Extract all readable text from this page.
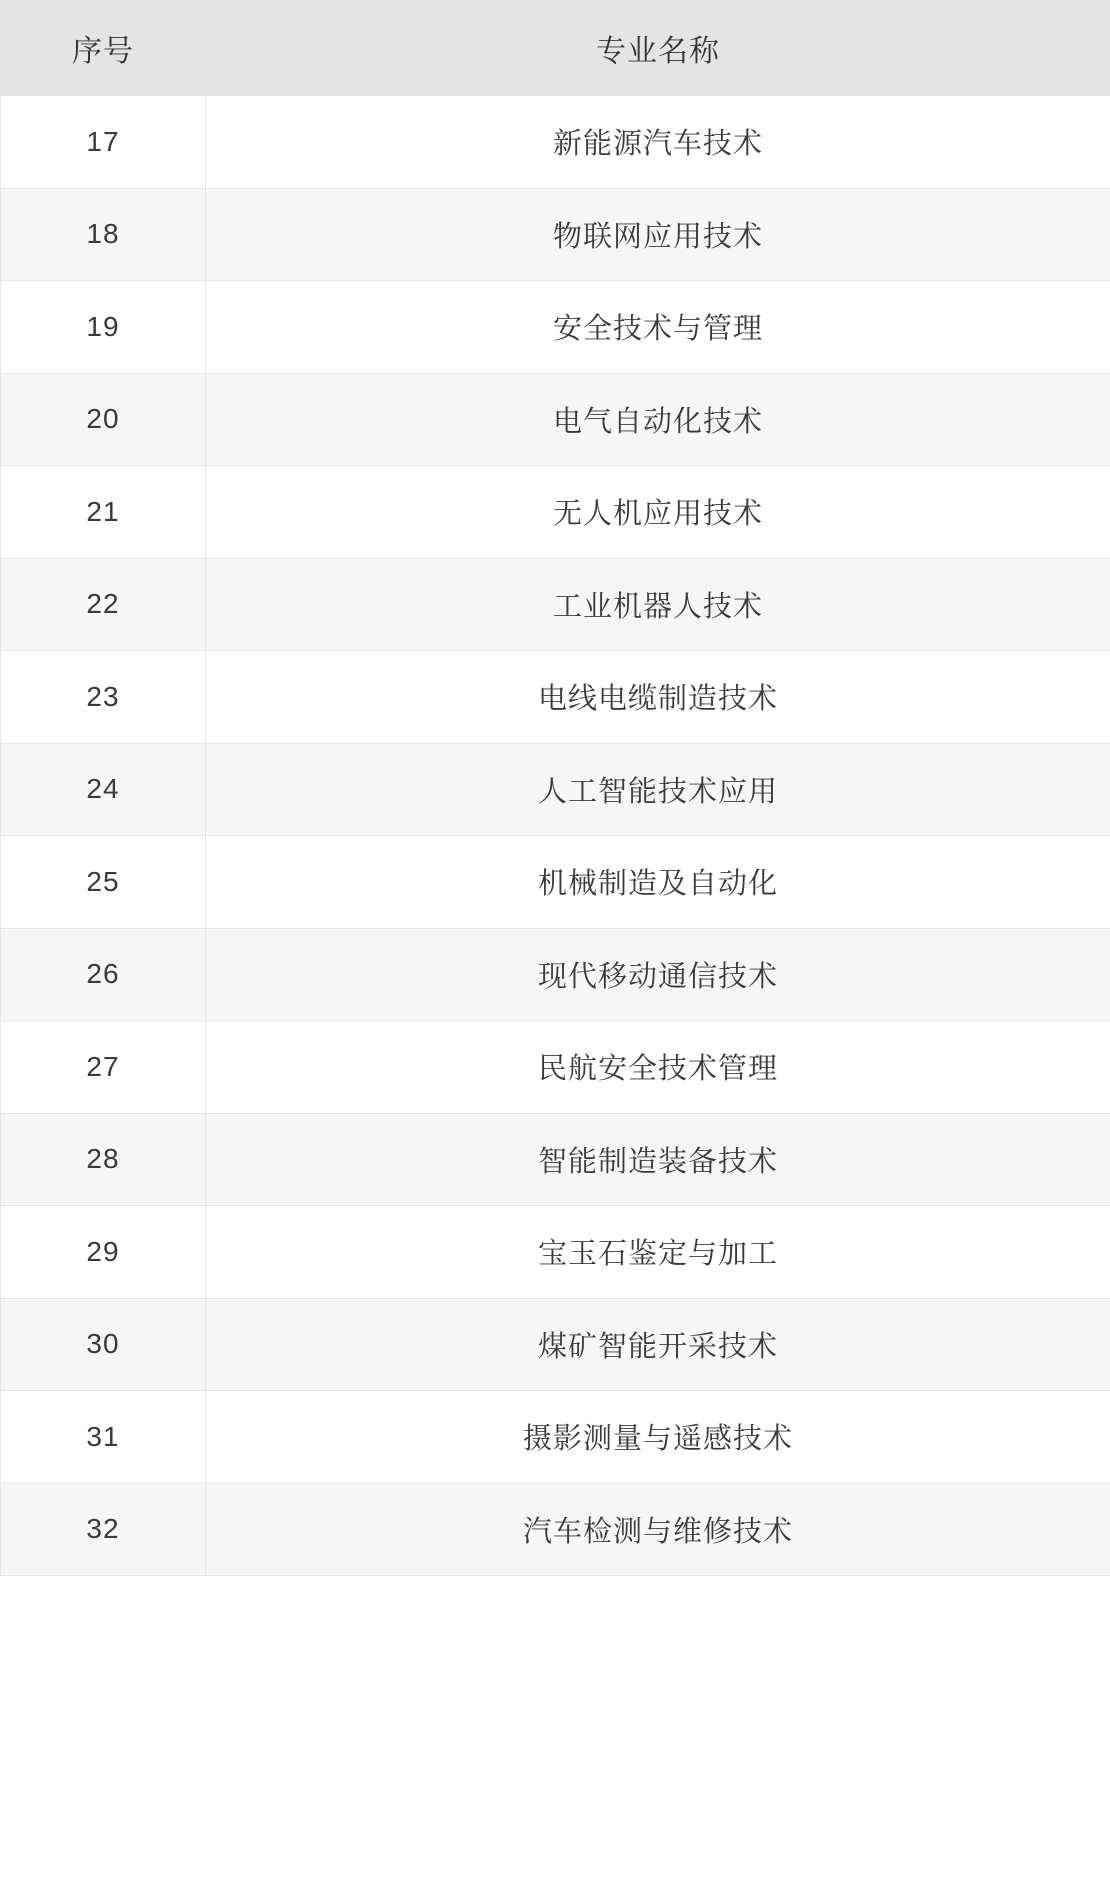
序号	专业名称
17	新能源汽车技术
18	物联网应用技术
19	安全技术与管理
20	电气自动化技术
21	无人机应用技术
22	工业机器人技术
23	电线电缆制造技术
24	人工智能技术应用
25	机械制造及自动化
26	现代移动通信技术
27	民航安全技术管理
28	智能制造装备技术
29	宝玉石鉴定与加工
30	煤矿智能开采技术
31	摄影测量与遥感技术
32	汽车检测与维修技术
